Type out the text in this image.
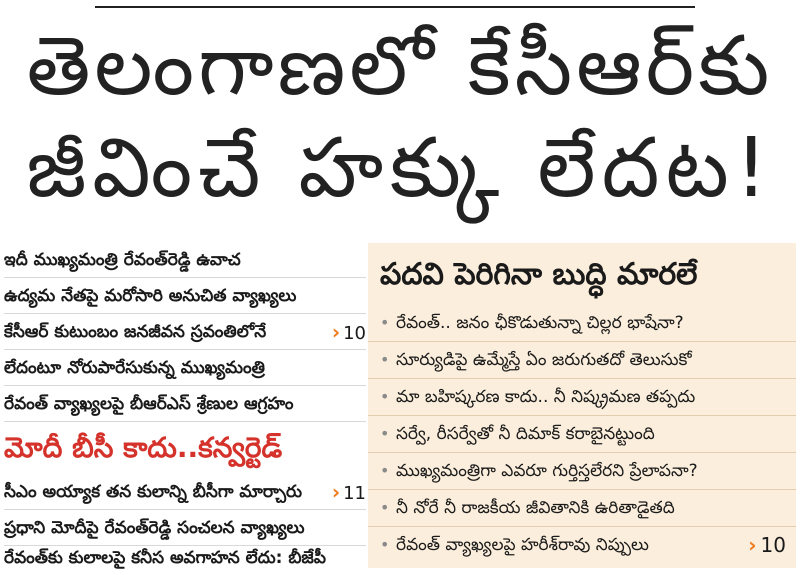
తెలంగాణలో కేసీఆర్‌కు
జీవించే హక్కు లేదట!
ఇదీ ముఖ్యమంత్రి రేవంత్‌రెడ్డి ఉవాచ
ఉద్యమ నేతపై మరోసారి అనుచిత వ్యాఖ్యలు
కేసీఆర్‌ కుటుంబం జనజీవన స్రవంతిలోనే	› 10
లేదంటూ నోరుపారేసుకున్న ముఖ్యమంత్రి
రేవంత్‌ వ్యాఖ్యలపై బీఆర్‌ఎస్‌ శ్రేణుల ఆగ్రహం
మోదీ బీసీ కాదు..కన్వర్టెడ్‌
సీఎం అయ్యాక తన కులాన్ని బీసీగా మార్చారు › 11
ప్రధాని మోదీపై రేవంత్‌రెడ్డి సంచలన వ్యాఖ్యలు
రేవంత్‌కు కులాలపై కనీస అవగాహన లేదు: బీజేపీ
పదవి పెరిగినా బుద్ధి మారలే
• రేవంత్‌.. జనం ఛీకొడుతున్నా చిల్లర భాషేనా?
• సూర్యుడిపై ఉమ్మేస్తే ఏం జరుగుతదో తెలుసుకో
• మా బహిష్కరణ కాదు.. నీ నిష్క్రమణ తప్పదు
• సర్వే, రీసర్వేతో నీ దిమాక్‌ కరాబైనట్టుంది
• ముఖ్యమంత్రిగా ఎవరూ గుర్తిస్తలేరని ప్రేలాపనా?
• నీ నోరే నీ రాజకీయ జీవితానికి ఉరితాడైతది
• రేవంత్‌ వ్యాఖ్యలపై హరీశ్‌రావు నిప్పులు	› 10
